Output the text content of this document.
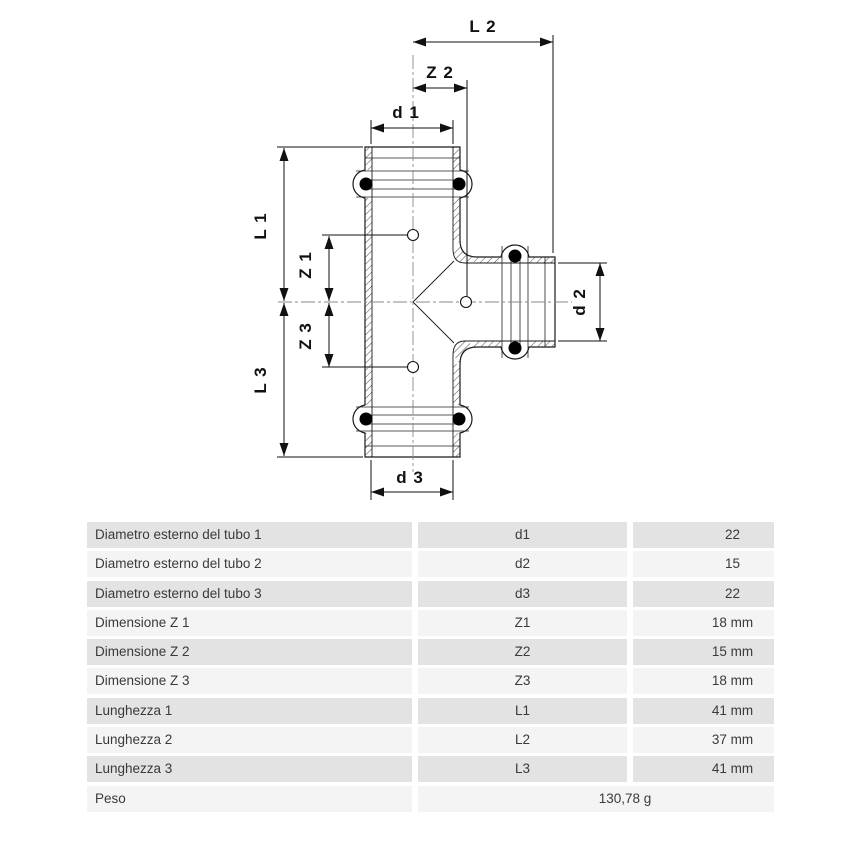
L 2
Z 2
d 1
L 1
Z 1
Z 3
L 3
d 2
d 3
Diametro esterno del tubo 1	d1	22
Diametro esterno del tubo 2	d2	15
Diametro esterno del tubo 3	d3	22
Dimensione Z 1	Z1	18 mm
Dimensione Z 2	Z2	15 mm
Dimensione Z 3	Z3	18 mm
Lunghezza 1	L1	41 mm
Lunghezza 2	L2	37 mm
Lunghezza 3	L3	41 mm
Peso	130,78 g
